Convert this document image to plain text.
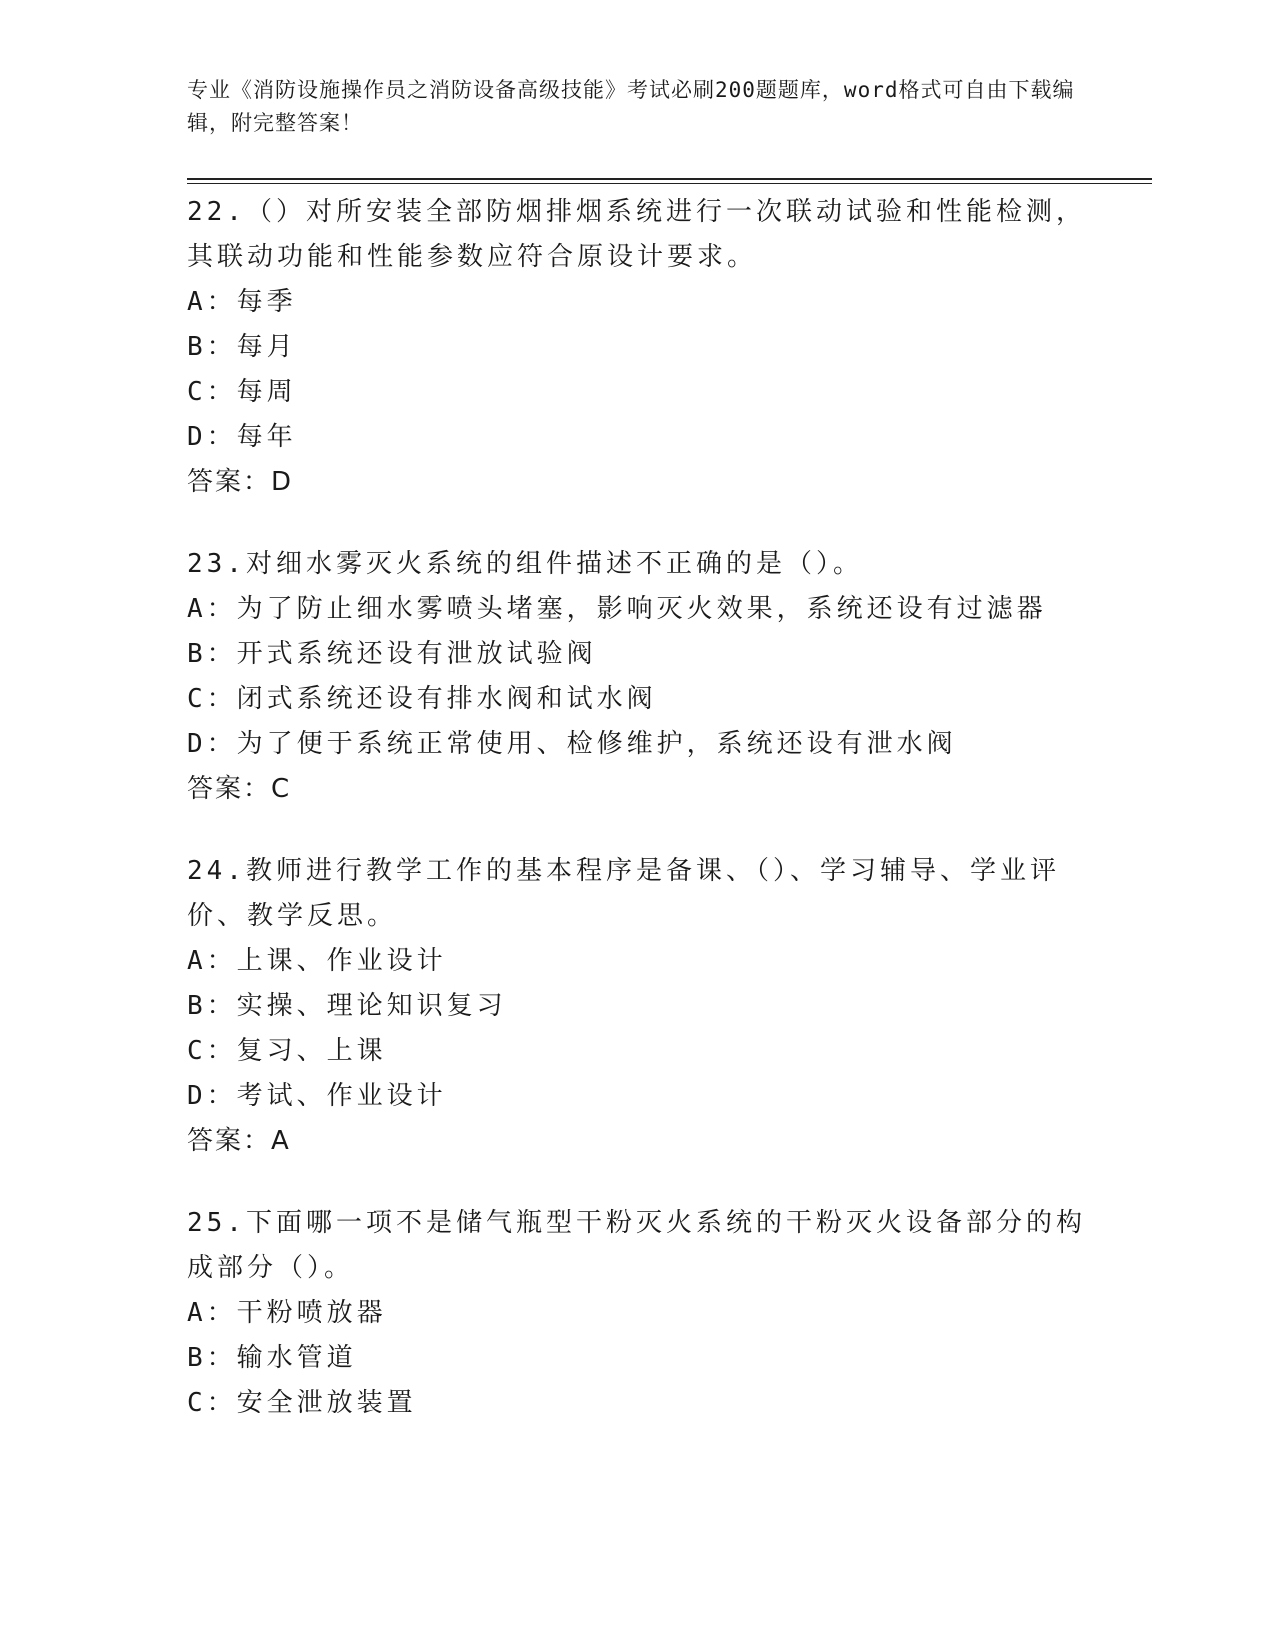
专业《消防设施操作员之消防设备高级技能》考试必刷200题题库，word格式可自由下载编辑，附完整答案！

22.（）对所安装全部防烟排烟系统进行一次联动试验和性能检测，其联动功能和性能参数应符合原设计要求。

A：每季

B：每月

C：每周

D：每年

答案：D

23.对细水雾灭火系统的组件描述不正确的是（）。

A：为了防止细水雾喷头堵塞，影响灭火效果，系统还设有过滤器

B：开式系统还设有泄放试验阀

C：闭式系统还设有排水阀和试水阀

D：为了便于系统正常使用、检修维护，系统还设有泄水阀

答案：C

24.教师进行教学工作的基本程序是备课、（）、学习辅导、学业评价、教学反思。

A：上课、作业设计

B：实操、理论知识复习

C：复习、上课

D：考试、作业设计

答案：A

25.下面哪一项不是储气瓶型干粉灭火系统的干粉灭火设备部分的构成部分（）。

A：干粉喷放器

B：输水管道

C：安全泄放装置
